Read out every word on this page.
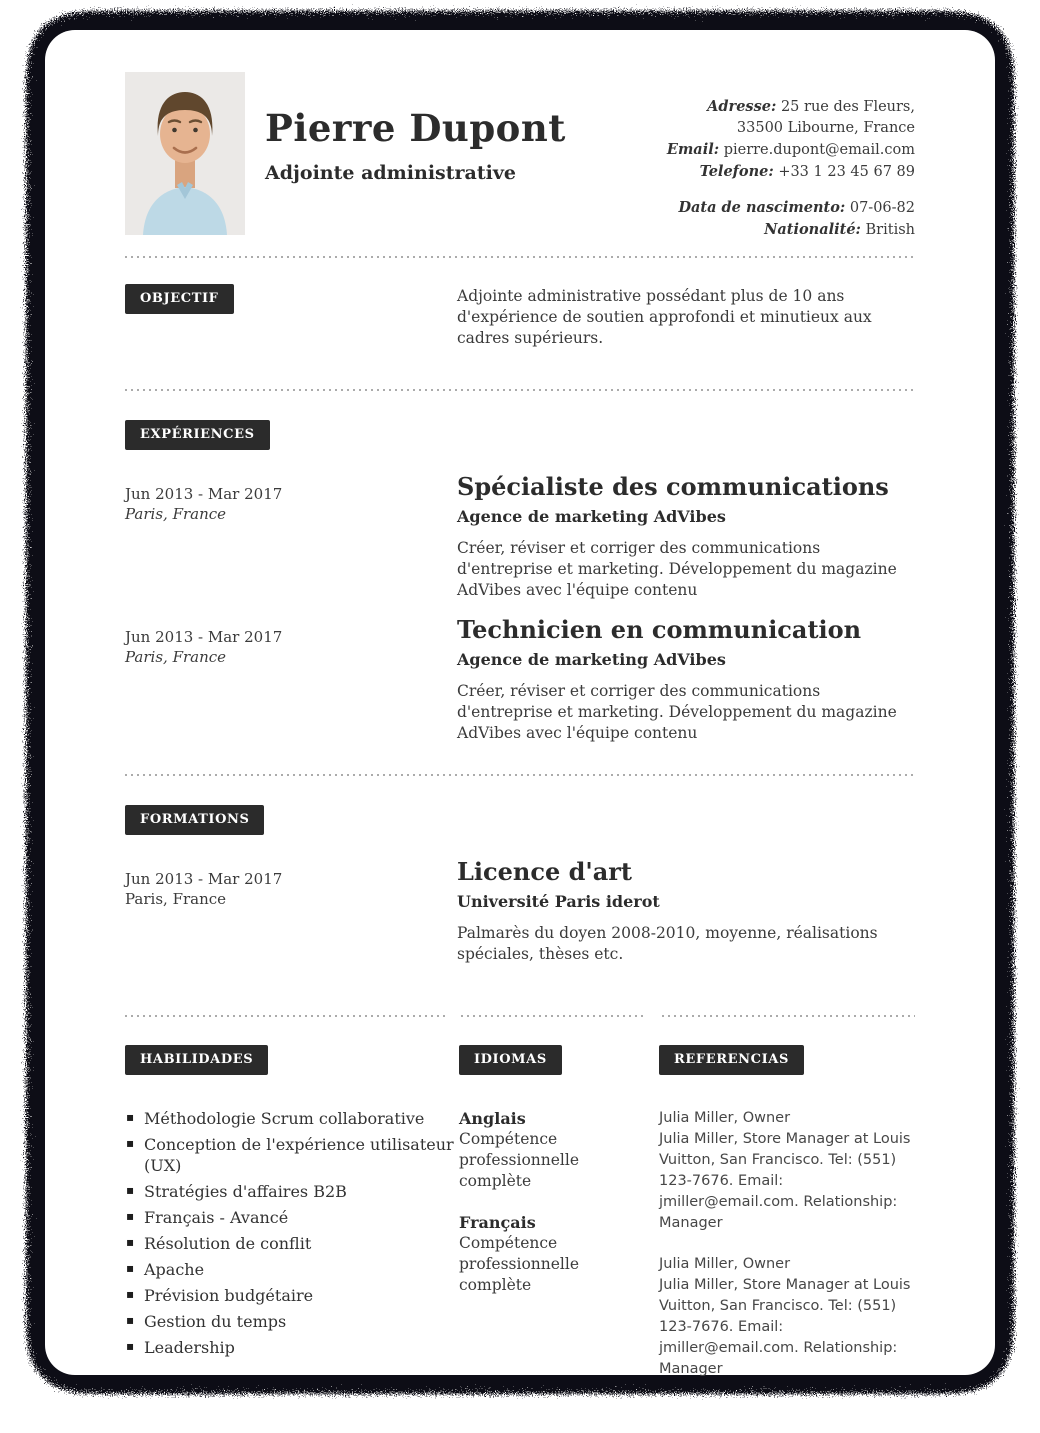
Pierre Dupont
Adjointe administrative
Adresse: 25 rue des Fleurs,
33500 Libourne, France
Email: pierre.dupont@email.com
Telefone: +33 1 23 45 67 89
Data de nascimento: 07-06-82
Nationalité: British
OBJECTIF	Adjointe administrative possédant plus de 10 ans d'expérience de soutien approfondi et minutieux aux cadres supérieurs.

EXPÉRIENCES
Jun 2013 - Mar 2017
Paris, France
Spécialiste des communications
Agence de marketing AdVibes

Créer, réviser et corriger des communications d'entreprise et marketing. Développement du magazine AdVibes avec l'équipe contenu

Jun 2013 - Mar 2017
Paris, France
Technicien en communication
Agence de marketing AdVibes

Créer, réviser et corriger des communications d'entreprise et marketing. Développement du magazine AdVibes avec l'équipe contenu

FORMATIONS
Jun 2013 - Mar 2017
Paris, France
Licence d'art
Université Paris iderot

Palmarès du doyen 2008-2010, moyenne, réalisations spéciales, thèses etc.

HABILIDADES
▪ Méthodologie Scrum collaborative
▪ Conception de l'expérience utilisateur (UX)
▪ Stratégies d'affaires B2B
▪ Français - Avancé
▪ Résolution de conflit
▪ Apache
▪ Prévision budgétaire
▪ Gestion du temps
▪ Leadership
IDIOMAS
Anglais
Compétence professionnelle complète
Français
Compétence professionnelle complète
REFERENCIAS
Julia Miller, Owner
Julia Miller, Store Manager at Louis Vuitton, San Francisco. Tel: (551) 123-7676. Email: jmiller@email.com. Relationship: Manager
Julia Miller, Owner
Julia Miller, Store Manager at Louis Vuitton, San Francisco. Tel: (551) 123-7676. Email: jmiller@email.com. Relationship: Manager
